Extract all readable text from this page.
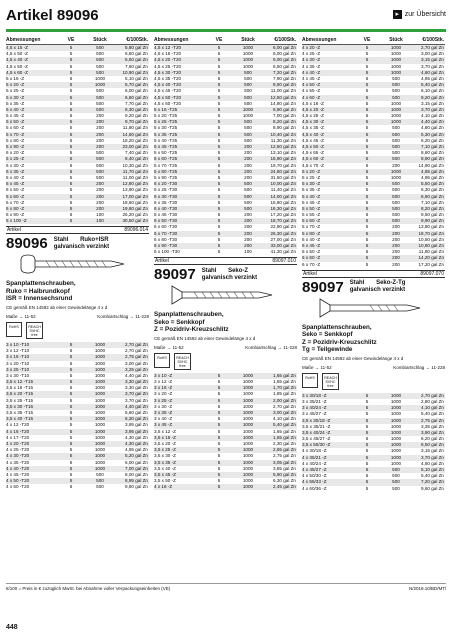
Artikel 89096	▸ zur Übersicht
Abmessungen	VE	Stück	€/100Stk.
4,5 x 15 -Z	5	500	5,80 gal Zn
4,5 x 50 -Z	5	500	6,50 gal Zn
4,5 x 40 -Z	5	500	6,50 gal Zn
4,5 x 50 -Z	5	500	7,60 gal Zn
4,5 x 60 -Z	5	500	10,90 gal Zn
5 x 16 -Z	5	1000	5,10 gal Zn
5 x 20 -Z	5	1000	5,70 gal Zn
5 x 25 -Z	5	500	6,00 gal Zn
5 x 30 -Z	5	500	6,60 gal Zn
5 x 35 -Z	5	500	7,70 gal Zn
5 x 40 -Z	5	500	8,30 gal Zn
5 x 45 -Z	5	200	9,20 gal Zn
5 x 50 -Z	5	200	9,70 gal Zn
5 x 60 -Z	5	200	11,80 gal Zn
5 x 70 -Z	5	200	14,60 gal Zn
5 x 80 -Z	5	200	18,20 gal Zn
5 x 90 -Z	5	200	23,00 gal Zn
6 x 20 -Z	5	500	7,40 gal Zn
6 x 25 -Z	5	500	8,40 gal Zn
6 x 30 -Z	5	500	10,30 gal Zn
6 x 35 -Z	5	500	11,70 gal Zn
6 x 40 -Z	5	500	11,00 gal Zn
6 x 45 -Z	5	200	12,80 gal Zn
6 x 50 -Z	5	200	13,90 gal Zn
6 x 60 -Z	5	200	17,00 gal Zn
6 x 70 -Z	5	200	18,60 gal Zn
6 x 80 -Z	5	200	19,80 gal Zn
6 x 90 -Z	5	100	26,20 gal Zn
6 x 100 -Z	5	100	30,50 gal Zn
Artikel	89096.014
89096 Stahl Ruko+ISR
galvanisch verzinkt
Spanplattenschrauben,
Ruko = Halbrundkopf
ISR = Innensechsrund
CE gemäß EN 14592 ab einer Gewindelänge 4 x d
Maße → 11-52	Kombiartschlag → 11-228
RoHS	REACH
SVHC
free
3 x 10 -T10	5	1000	2,70 gal Zn
3 x 12 -T10	5	1000	2,70 gal Zn
3 x 16 -T10	5	1000	2,75 gal Zn
3 x 20 -T10	5	1000	3,00 gal Zn
3 x 25 -T10	5	1000	3,25 gal Zn
3 x 30 -T10	5	1000	4,40 gal Zn
3,5 x 12 -T15	5	1000	3,30 gal Zn
3,5 x 16 -T15	5	1000	3,30 gal Zn
3,5 x 20 -T15	5	1000	3,70 gal Zn
3,5 x 25 -T15	5	1000	3,70 gal Zn
3,5 x 30 -T15	5	1000	4,40 gal Zn
3,5 x 35 -T15	5	1000	5,60 gal Zn
3,5 x 40 -T15	5	1000	6,30 gal Zn
4 x 12 -T20	5	1000	3,95 gal Zn
4 x 16 -T20	5	1000	3,95 gal Zn
4 x 17 -T20	5	1000	4,30 gal Zn
4 x 20 -T20	5	1000	4,30 gal Zn
4 x 25 -T20	5	1000	4,95 gal Zn
4 x 30 -T20	5	1000	5,20 gal Zn
4 x 35 -T20	5	1000	6,00 gal Zn
4 x 40 -T20	5	1000	7,00 gal Zn
4 x 45 -T20	5	500	8,00 gal Zn
4 x 50 -T20	5	500	8,95 gal Zn
4 x 60 -T20	5	500	9,80 gal Zn
Abmessungen	VE	Stück	€/100Stk.
4,5 x 12 -T20	5	1000	6,00 gal Zn
4,5 x 16 -T20	5	1000	6,00 gal Zn
4,5 x 20 -T20	5	1000	6,00 gal Zn
4,5 x 25 -T20	5	1000	6,50 gal Zn
4,5 x 30 -T20	5	500	7,20 gal Zn
4,5 x 35 -T20	5	500	7,90 gal Zn
4,5 x 40 -T20	5	500	8,60 gal Zn
4,5 x 45 -T20	5	500	11,00 gal Zn
4,5 x 50 -T20	5	500	12,50 gal Zn
4,5 x 60 -T20	5	500	14,80 gal Zn
5 x 16 -T25	5	1000	6,90 gal Zn
5 x 20 -T25	5	1000	7,00 gal Zn
5 x 25 -T25	5	500	8,20 gal Zn
5 x 30 -T25	5	500	8,90 gal Zn
5 x 35 -T25	5	500	10,40 gal Zn
5 x 40 -T25	5	500	11,30 gal Zn
5 x 45 -T25	5	200	12,50 gal Zn
5 x 50 -T25	5	200	13,10 gal Zn
5 x 60 -T25	5	200	15,90 gal Zn
5 x 70 -T25	5	200	19,70 gal Zn
5 x 80 -T25	5	200	24,60 gal Zn
5 x 90 -T25	5	200	31,50 gal Zn
6 x 20 -T30	5	500	10,00 gal Zn
6 x 25 -T30	5	500	11,40 gal Zn
6 x 30 -T30	5	500	14,00 gal Zn
6 x 35 -T30	5	500	15,80 gal Zn
6 x 40 -T30	5	500	16,30 gal Zn
6 x 45 -T30	5	200	17,20 gal Zn
6 x 50 -T30	5	200	18,70 gal Zn
6 x 60 -T30	5	200	22,90 gal Zn
6 x 70 -T30	5	200	26,30 gal Zn
6 x 80 -T30	5	200	27,00 gal Zn
6 x 90 -T30	5	200	33,00 gal Zn
6 x 100 -T30	5	100	41,30 gal Zn
Artikel	89097.010
89097 Stahl Seko-Z
galvanisch verzinkt
Spanplattenschrauben,
Seko = Senkkopf
Z = Pozidriv-Kreuzschlitz
CE gemäß EN 14592 ab einer Gewindelänge 4 x d
Maße → 11-52	Kombiartschlag → 11-228
RoHS	REACH
SVHC
free
3 x 10 -Z	5	1000	1,65 gal Zn
3 x 12 -Z	5	1000	1,65 gal Zn
3 x 16 -Z	5	1000	1,70 gal Zn
3 x 20 -Z	5	1000	1,85 gal Zn
3 x 25 -Z	5	1000	2,00 gal Zn
3 x 30 -Z	5	1000	2,70 gal Zn
3 x 35 -Z	5	1000	3,00 gal Zn
3 x 40 -Z	5	1000	4,10 gal Zn
3 x 45 -Z	5	1000	5,40 gal Zn
3,5 x 12 -Z	5	1000	1,65 gal Zn
3,5 x 16 -Z	5	1000	1,65 gal Zn
3,5 x 20 -Z	5	1000	2,30 gal Zn
3,5 x 25 -Z	5	1000	2,65 gal Zn
3,5 x 30 -Z	5	1000	2,75 gal Zn
3,5 x 35 -Z	5	1000	3,05 gal Zn
3,5 x 40 -Z	5	1000	3,85 gal Zn
3,5 x 45 -Z	5	1000	5,90 gal Zn
3,5 x 50 -Z	5	1000	6,30 gal Zn
4 x 16 -Z	5	1000	2,45 gal Zn
Abmessungen	VE	Stück	€/100Stk.
4 x 20 -Z	5	1000	2,70 gal Zn
4 x 25 -Z	5	1000	3,00 gal Zn
4 x 30 -Z	5	1000	3,15 gal Zn
4 x 35 -Z	5	1000	3,70 gal Zn
4 x 40 -Z	5	1000	4,60 gal Zn
4 x 45 -Z	5	500	4,95 gal Zn
4 x 50 -Z	5	500	5,40 gal Zn
4 x 55 -Z	5	500	6,10 gal Zn
4 x 60 -Z	5	500	9,20 gal Zn
4,5 x 16 -Z	5	1000	3,15 gal Zn
4,5 x 20 -Z	5	1000	3,70 gal Zn
4,5 x 25 -Z	5	1000	4,10 gal Zn
4,5 x 30 -Z	5	1000	4,40 gal Zn
4,5 x 35 -Z	5	500	4,80 gal Zn
4,5 x 40 -Z	5	500	5,30 gal Zn
4,5 x 45 -Z	5	500	6,20 gal Zn
4,5 x 50 -Z	5	500	7,10 gal Zn
4,5 x 55 -Z	5	500	8,60 gal Zn
4,5 x 60 -Z	5	500	8,90 gal Zn
4,5 x 70 -Z	5	200	14,90 gal Zn
5 x 20 -Z	5	1000	4,85 gal Zn
5 x 25 -Z	5	1000	4,95 gal Zn
5 x 30 -Z	5	500	5,50 gal Zn
5 x 35 -Z	5	500	6,30 gal Zn
5 x 40 -Z	5	500	6,60 gal Zn
5 x 45 -Z	5	500	7,10 gal Zn
5 x 50 -Z	5	500	8,20 gal Zn
5 x 55 -Z	5	500	9,50 gal Zn
5 x 60 -Z	5	500	9,90 gal Zn
5 x 70 -Z	5	200	13,80 gal Zn
5 x 80 -Z	5	200	18,70 gal Zn
6 x 40 -Z	5	200	10,50 gal Zn
6 x 45 -Z	5	200	10,80 gal Zn
6 x 50 -Z	5	200	11,80 gal Zn
6 x 60 -Z	5	200	14,20 gal Zn
6 x 70 -Z	5	200	17,20 gal Zn
Artikel	89097.070
89097 Stahl Seko-Z-Tg
galvanisch verzinkt
Spanplattenschrauben,
Seko = Senkkopf
Z = Pozidriv-Kreuzschlitz
Tg = Teilgewinde
CE gemäß EN 14592 ab einer Gewindelänge 4 x d
Maße → 11-52	Kombiartschlag → 11-228
RoHS	REACH
SVHC
free
3 x 30/18 -Z	5	1000	2,70 gal Zn
3 x 35/21 -Z	5	1000	2,80 gal Zn
3 x 40/24 -Z	5	1000	4,10 gal Zn
3 x 45/27 -Z	5	1000	5,40 gal Zn
3,5 x 30/18 -Z	5	1000	2,75 gal Zn
3,5 x 35/21 -Z	5	1000	3,35 gal Zn
3,5 x 40/24 -Z	5	1000	3,90 gal Zn
3,5 x 45/27 -Z	5	1000	6,20 gal Zn
3,5 x 50/30 -Z	5	1000	6,50 gal Zn
4 x 30/18 -Z	5	1000	3,15 gal Zn
4 x 35/21 -Z	5	1000	3,70 gal Zn
4 x 40/24 -Z	5	1000	4,60 gal Zn
4 x 45/27 -Z	5	500	5,10 gal Zn
4 x 50/30 -Z	5	500	5,40 gal Zn
4 x 55/33 -Z	5	500	7,20 gal Zn
4 x 60/36 -Z	5	500	9,60 gal Zn
€/100 = Preis in € zuzüglich MwSt. bei Abnahme voller Verpackungseinheiten (VE)	N/2019.10/BD/MTl
448
